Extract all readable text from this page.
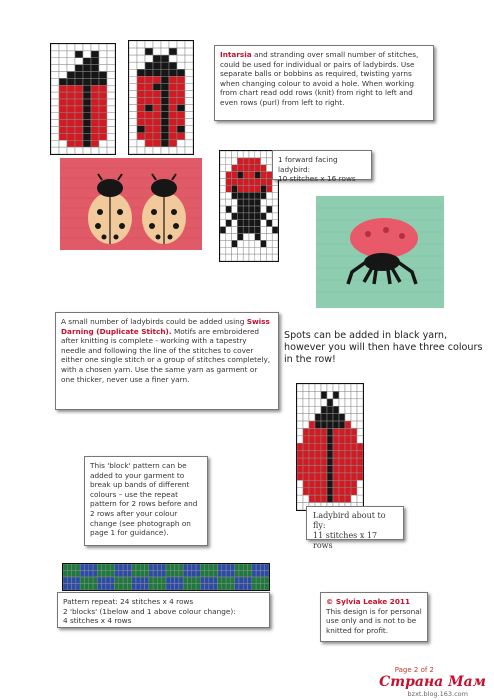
Intarsia and stranding over small number of stitches, could be used for individual or pairs of ladybirds. Use separate balls or bobbins as required, twisting yarns when changing colour to avoid a hole. When working from chart read odd rows (knit) from right to left and even rows (purl) from left to right.

1 forward facing ladybird:

10 stitches x 16 rows

A small number of ladybirds could be added using Swiss Darning (Duplicate Stitch). Motifs are embroidered after knitting is complete - working with a tapestry needle and following the line of the stitches to cover either one single stitch or a group of stitches completely, with a chosen yarn. Use the same yarn as garment or one thicker, never use a finer yarn.

Spots can be added in black yarn, however you will then have three colours in the row!

Ladybird about to fly:

11 stitches x 17 rows

This 'block' pattern can be added to your garment to break up bands of different colours – use the repeat pattern for 2 rows before and 2 rows after your colour change (see photograph on page 1 for guidance).

Pattern repeat: 24 stitches x 4 rows

2 'blocks' (1below and 1 above colour change):

4 stitches x 4 rows

© Sylvia Leake 2011

This design is for personal use only and is not to be knitted for profit.

Page 2 of 2
Страна Мам
bzxt.blog.163.com
